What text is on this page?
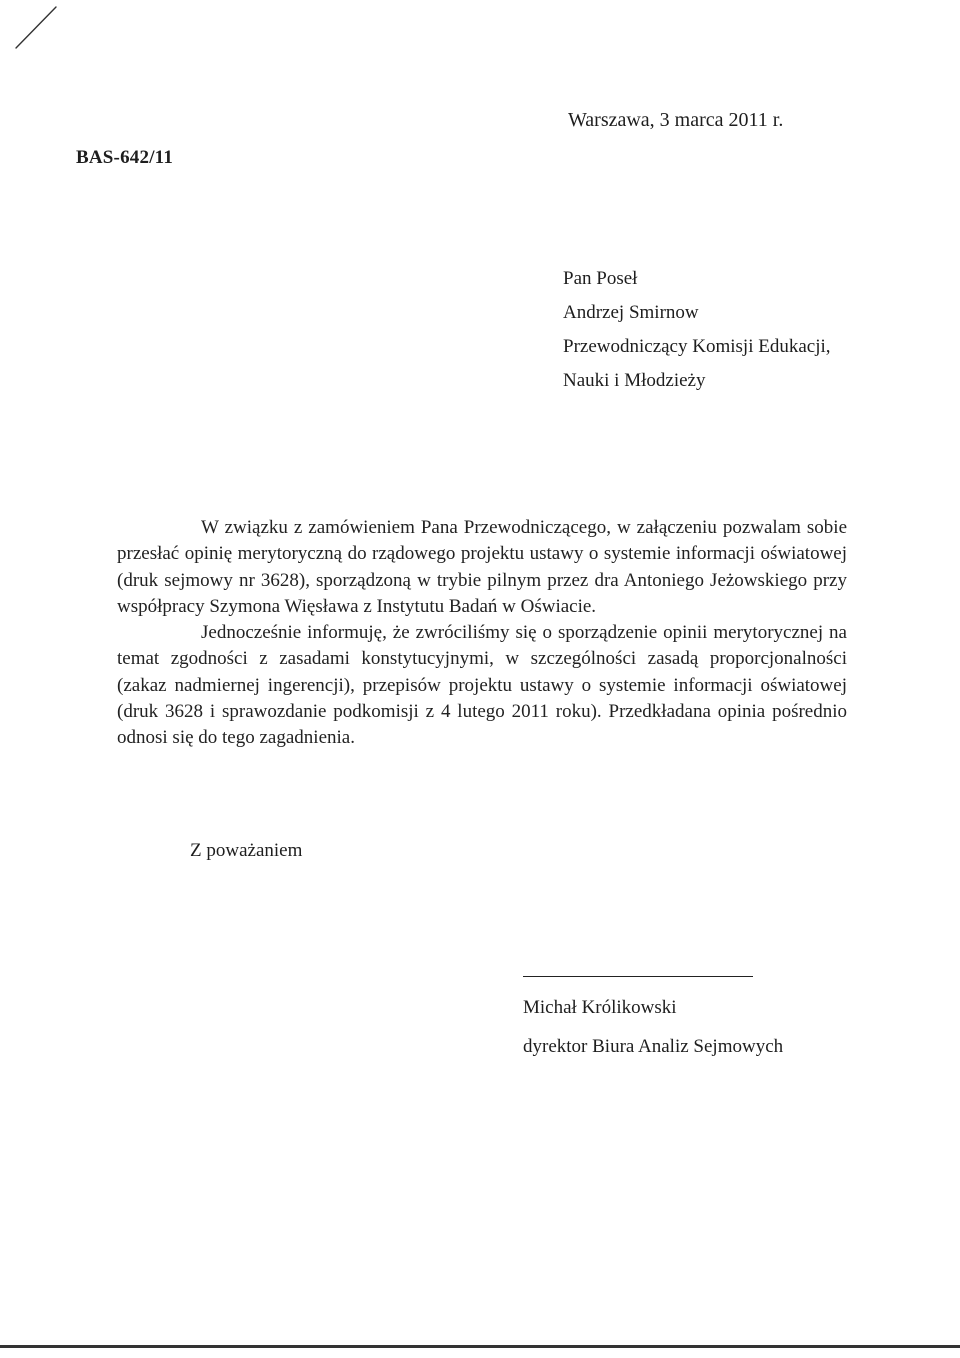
Warszawa, 3 marca 2011 r.
BAS-642/11
Pan Poseł
Andrzej Smirnow
Przewodniczący Komisji Edukacji,
Nauki i Młodzieży

W związku z zamówieniem Pana Przewodniczącego, w załączeniu pozwalam sobie przesłać opinię merytoryczną do rządowego projektu ustawy o systemie informacji oświatowej (druk sejmowy nr 3628), sporządzoną w trybie pilnym przez dra Antoniego Jeżowskiego przy współpracy Szymona Więsława z Instytutu Badań w Oświacie.

Jednocześnie informuję, że zwróciliśmy się o sporządzenie opinii merytorycznej na temat zgodności z zasadami konstytucyjnymi, w szczególności zasadą proporcjonalności (zakaz nadmiernej ingerencji), przepisów projektu ustawy o systemie informacji oświatowej (druk 3628 i sprawozdanie podkomisji z 4 lutego 2011 roku). Przedkładana opinia pośrednio odnosi się do tego zagadnienia.

Z poważaniem
Michał Królikowski
dyrektor Biura Analiz Sejmowych
